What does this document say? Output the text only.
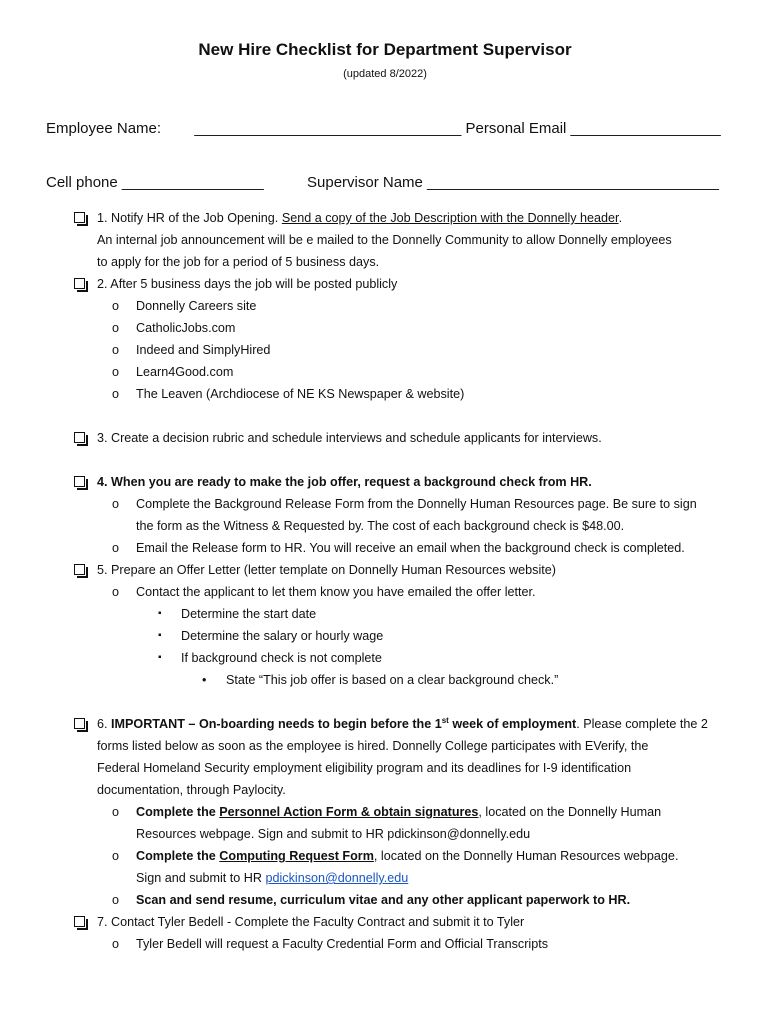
New Hire Checklist for Department Supervisor
(updated 8/2022)
Employee Name:        ________________________________ Personal Email __________________
Cell phone _________________	Supervisor Name ___________________________________
1. Notify HR of the Job Opening. Send a copy of the Job Description with the Donnelly header.
An internal job announcement will be e mailed to the Donnelly Community to allow Donnelly employees
to apply for the job for a period of 5 business days.
2. After 5 business days the job will be posted publicly
o Donnelly Careers site
o CatholicJobs.com
o Indeed and SimplyHired
o Learn4Good.com
o The Leaven (Archdiocese of NE KS Newspaper & website)
3. Create a decision rubric and schedule interviews and schedule applicants for interviews.
4. When you are ready to make the job offer, request a background check from HR.
o Complete the Background Release Form from the Donnelly Human Resources page. Be sure to sign
the form as the Witness & Requested by. The cost of each background check is $48.00.
o Email the Release form to HR. You will receive an email when the background check is completed.
5. Prepare an Offer Letter (letter template on Donnelly Human Resources website)
o Contact the applicant to let them know you have emailed the offer letter.
▪ Determine the start date
▪ Determine the salary or hourly wage
▪ If background check is not complete
• State “This job offer is based on a clear background check.”
6. IMPORTANT – On-boarding needs to begin before the 1st week of employment. Please complete the 2
forms listed below as soon as the employee is hired. Donnelly College participates with EVerify, the
Federal Homeland Security employment eligibility program and its deadlines for I-9 identification
documentation, through Paylocity.
o Complete the Personnel Action Form & obtain signatures, located on the Donnelly Human
Resources webpage. Sign and submit to HR pdickinson@donnelly.edu
o Complete the Computing Request Form, located on the Donnelly Human Resources webpage.
Sign and submit to HR pdickinson@donnelly.edu
o Scan and send resume, curriculum vitae and any other applicant paperwork to HR.
7. Contact Tyler Bedell - Complete the Faculty Contract and submit it to Tyler
o Tyler Bedell will request a Faculty Credential Form and Official Transcripts
